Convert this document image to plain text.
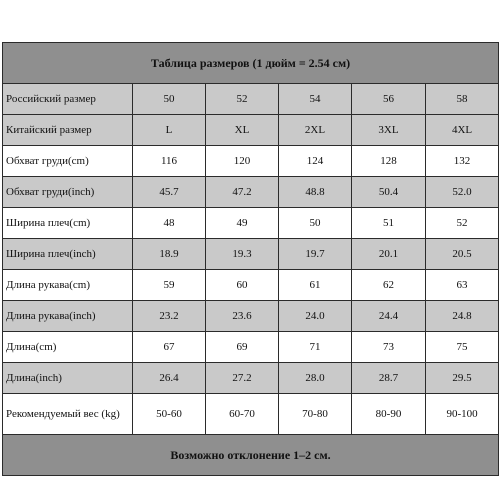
Таблица размеров (1 дюйм = 2.54 см)					
Российский размер	50	52	54	56	58
Китайский размер	L	XL	2XL	3XL	4XL
Обхват груди(cm)	116	120	124	128	132
Обхват груди(inch)	45.7	47.2	48.8	50.4	52.0
Ширина плеч(cm)	48	49	50	51	52
Ширина плеч(inch)	18.9	19.3	19.7	20.1	20.5
Длина рукава(cm)	59	60	61	62	63
Длина рукава(inch)	23.2	23.6	24.0	24.4	24.8
Длина(cm)	67	69	71	73	75
Длина(inch)	26.4	27.2	28.0	28.7	29.5
Рекомендуемый вес (kg)	50-60	60-70	70-80	80-90	90-100
Возможно отклонение 1–2 см.					
